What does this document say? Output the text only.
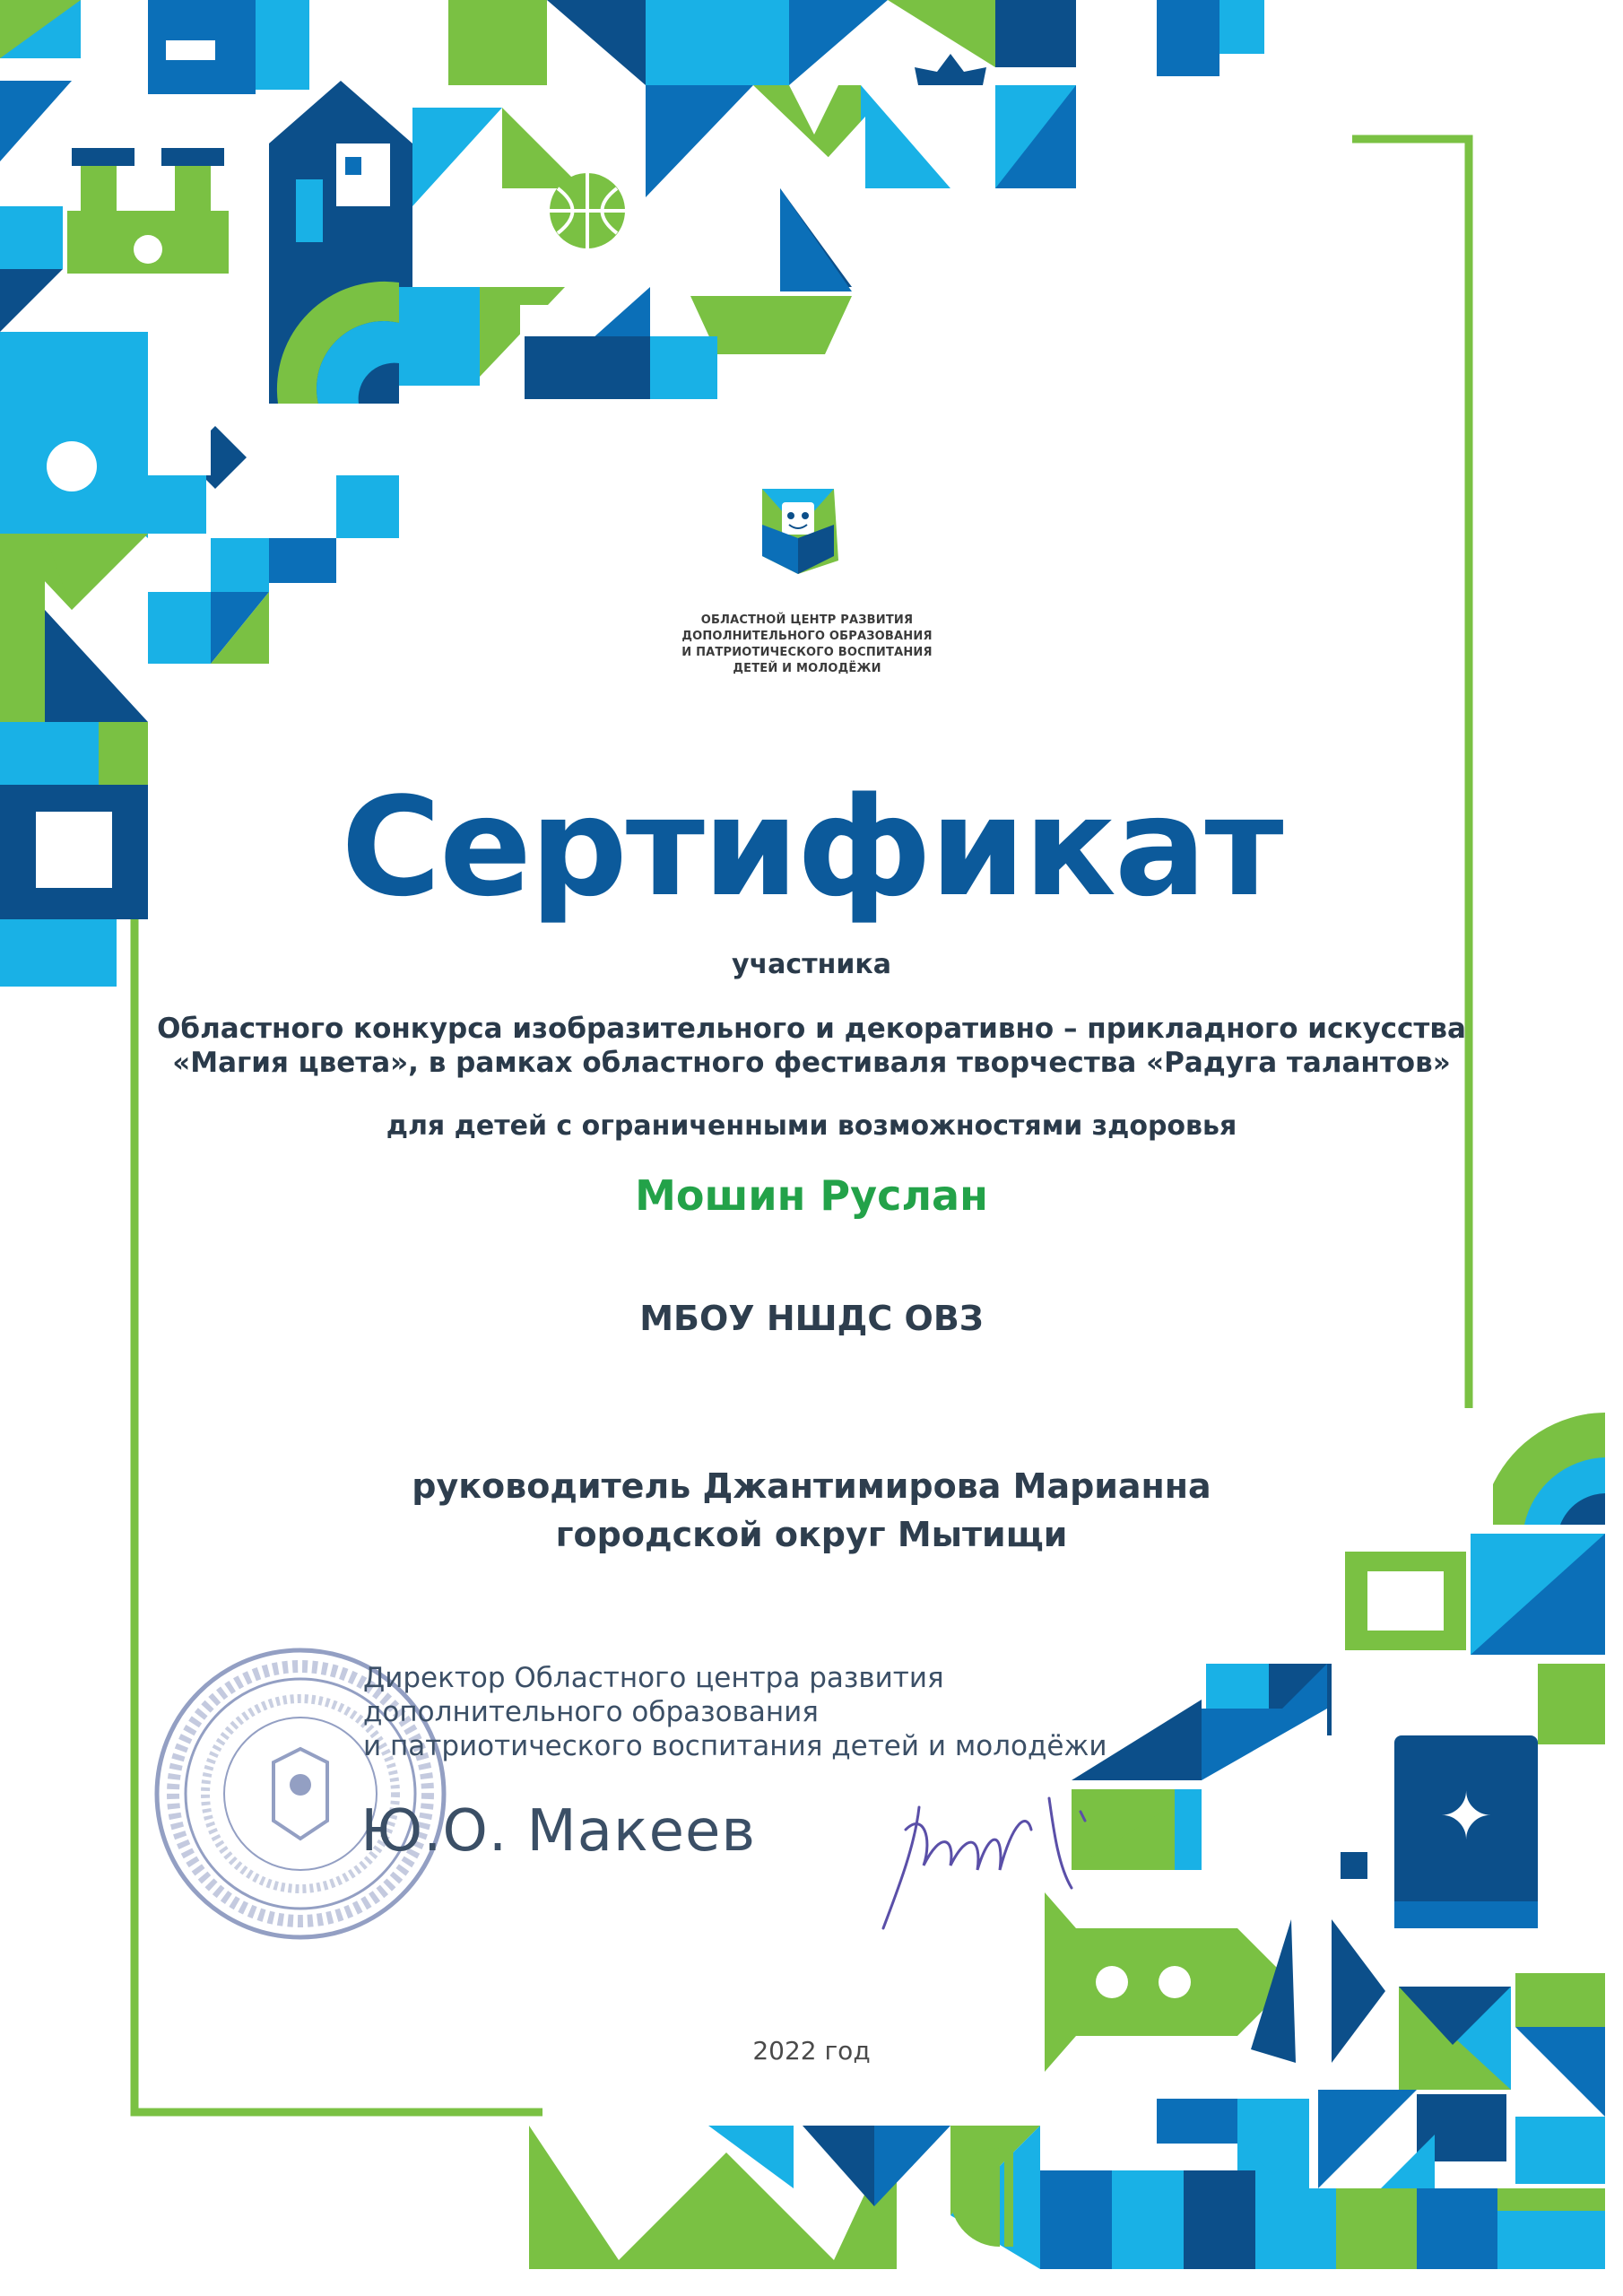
✦
ОБЛАСТНОЙ ЦЕНТР РАЗВИТИЯ
ДОПОЛНИТЕЛЬНОГО ОБРАЗОВАНИЯ
И ПАТРИОТИЧЕСКОГО ВОСПИТАНИЯ
ДЕТЕЙ И МОЛОДЁЖИ
Сертификат
участника
Областного конкурса изобразительного и декоративно – прикладного искусства
«Магия цвета», в рамках областного фестиваля творчества «Радуга талантов»
для детей с ограниченными возможностями здоровья
Мошин Руслан
МБОУ НШДС ОВЗ
руководитель Джантимирова Марианна
городской округ Мытищи
Директор Областного центра развития
дополнительного образования
и патриотического воспитания детей и молодёжи
Ю.О. Макеев
2022 год
